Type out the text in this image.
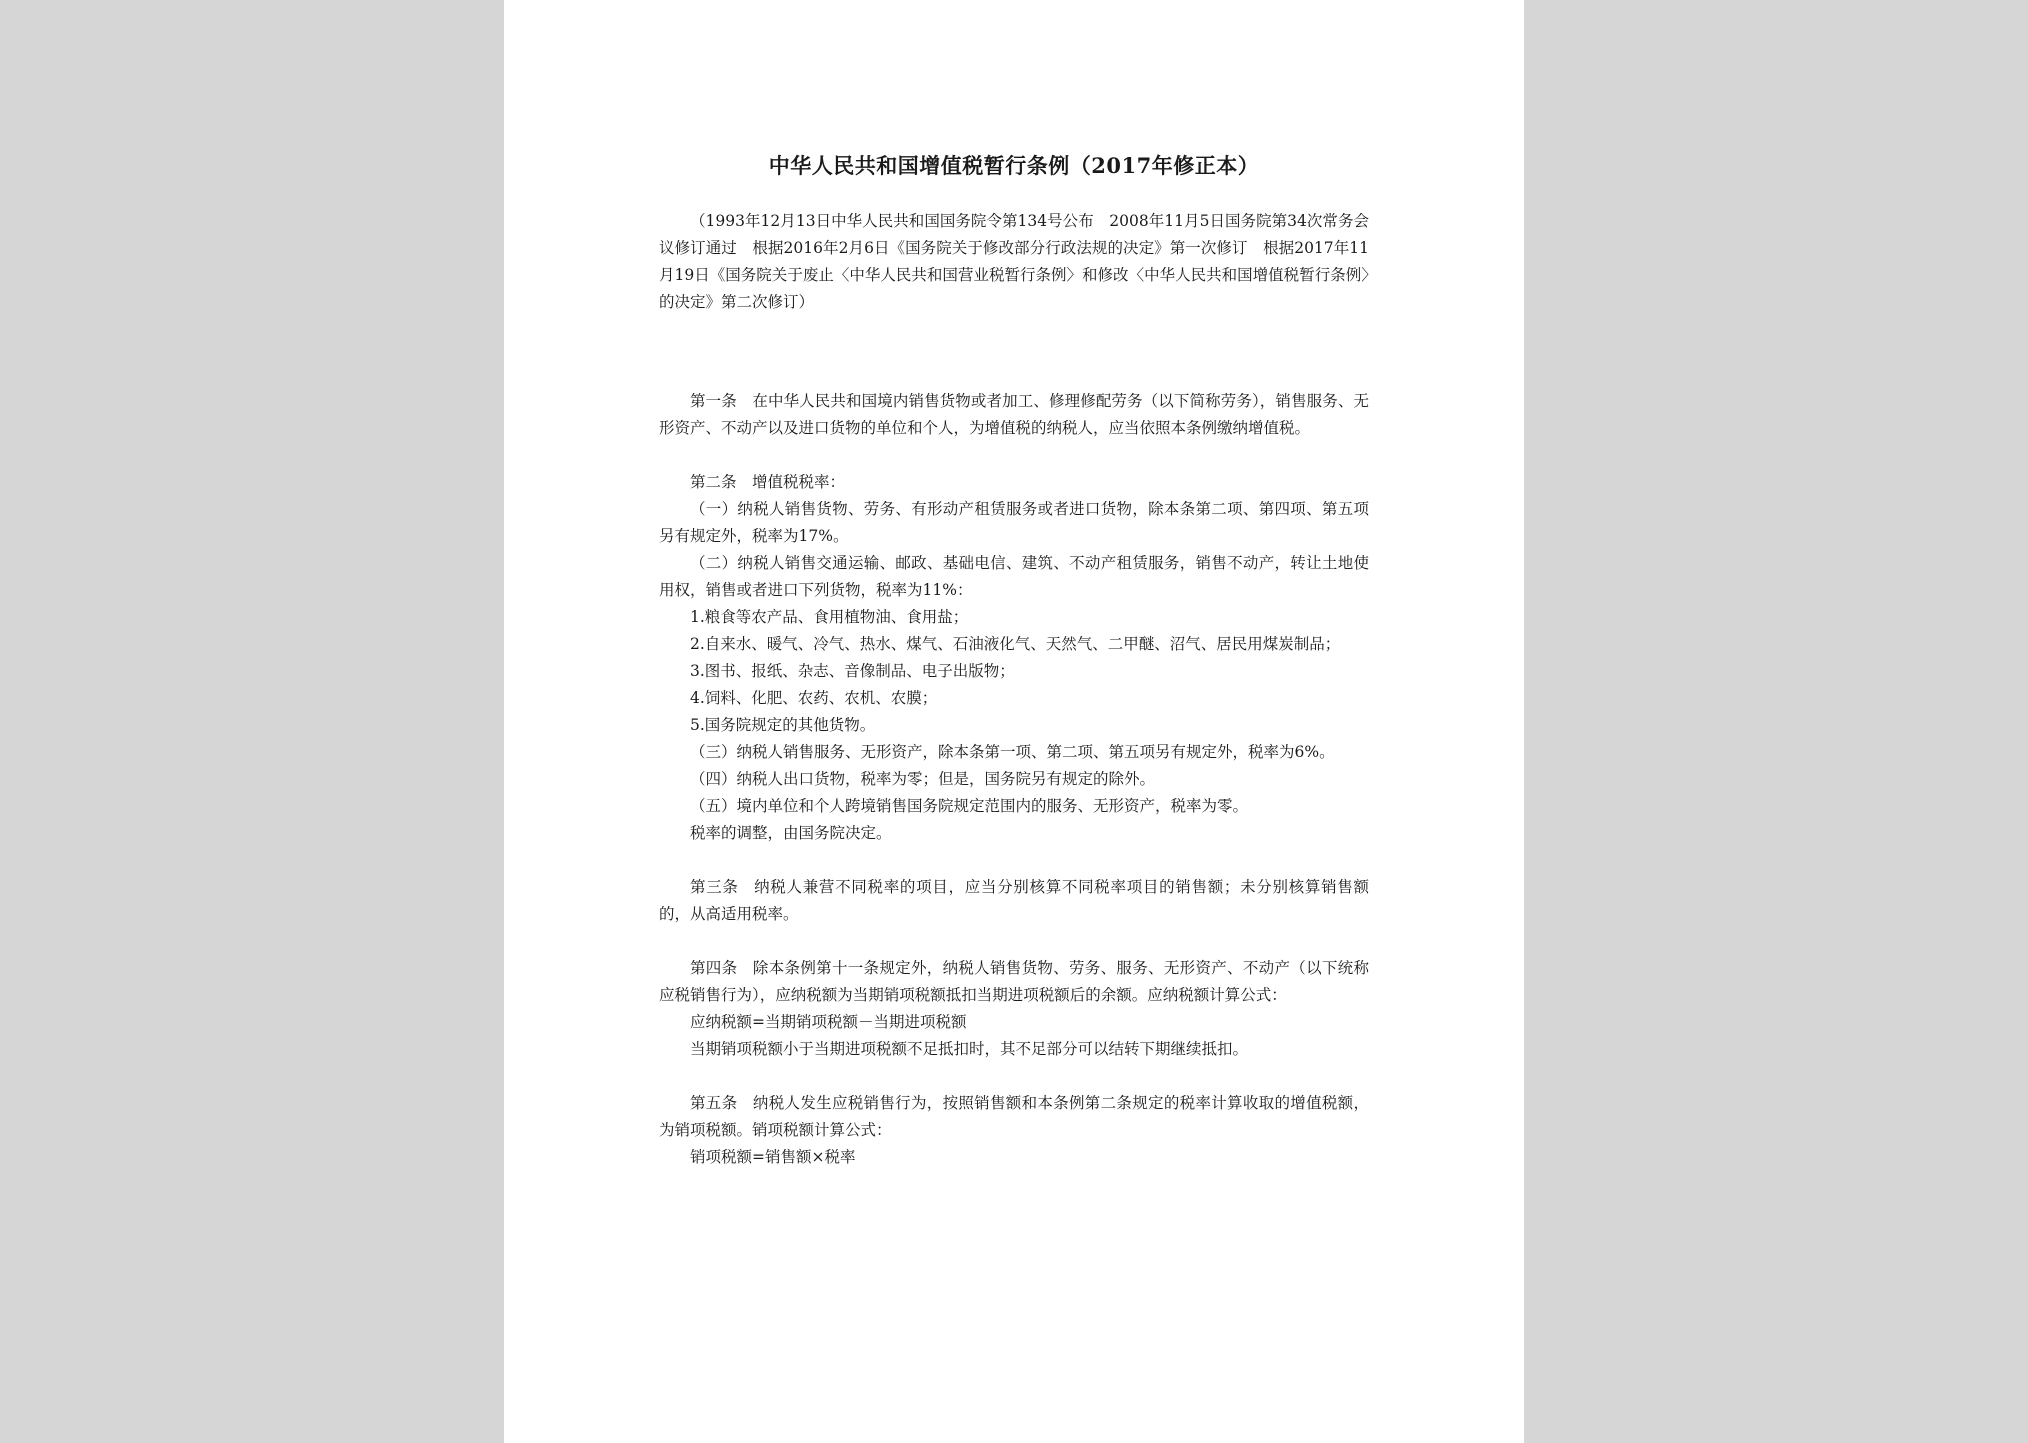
中华人民共和国增值税暂行条例（2017年修正本）

（1993年12月13日中华人民共和国国务院令第134号公布　2008年11月5日国务院第34次常务会议修订通过　根据2016年2月6日《国务院关于修改部分行政法规的决定》第一次修订　根据2017年11月19日《国务院关于废止〈中华人民共和国营业税暂行条例〉和修改〈中华人民共和国增值税暂行条例〉的决定》第二次修订）

第一条 在中华人民共和国境内销售货物或者加工、修理修配劳务（以下简称劳务），销售服务、无形资产、不动产以及进口货物的单位和个人，为增值税的纳税人，应当依照本条例缴纳增值税。

第二条 增值税税率：

（一）纳税人销售货物、劳务、有形动产租赁服务或者进口货物，除本条第二项、第四项、第五项另有规定外，税率为17%。

（二）纳税人销售交通运输、邮政、基础电信、建筑、不动产租赁服务，销售不动产，转让土地使用权，销售或者进口下列货物，税率为11%：

1.粮食等农产品、食用植物油、食用盐；

2.自来水、暖气、冷气、热水、煤气、石油液化气、天然气、二甲醚、沼气、居民用煤炭制品；

3.图书、报纸、杂志、音像制品、电子出版物；

4.饲料、化肥、农药、农机、农膜；

5.国务院规定的其他货物。

（三）纳税人销售服务、无形资产，除本条第一项、第二项、第五项另有规定外，税率为6%。

（四）纳税人出口货物，税率为零；但是，国务院另有规定的除外。

（五）境内单位和个人跨境销售国务院规定范围内的服务、无形资产，税率为零。

税率的调整，由国务院决定。

第三条 纳税人兼营不同税率的项目，应当分别核算不同税率项目的销售额；未分别核算销售额的，从高适用税率。

第四条 除本条例第十一条规定外，纳税人销售货物、劳务、服务、无形资产、不动产（以下统称应税销售行为），应纳税额为当期销项税额抵扣当期进项税额后的余额。应纳税额计算公式：

应纳税额=当期销项税额－当期进项税额

当期销项税额小于当期进项税额不足抵扣时，其不足部分可以结转下期继续抵扣。

第五条 纳税人发生应税销售行为，按照销售额和本条例第二条规定的税率计算收取的增值税额，为销项税额。销项税额计算公式：

销项税额=销售额×税率
